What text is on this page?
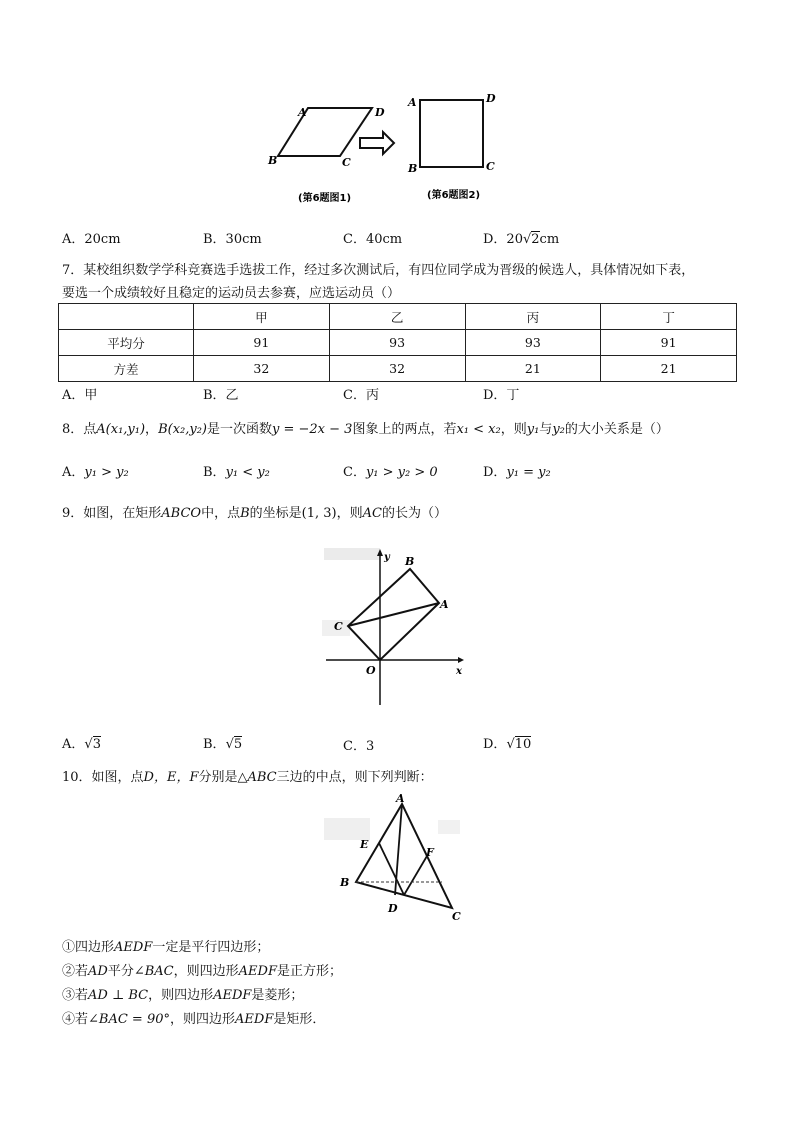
A	D
B	C
A	D
B	C
(第6题图1)	(第6题图2)
A．20cm	B．30cm	C．40cm	D．20√2cm
7．某校组织数学学科竞赛选手选拔工作，经过多次测试后，有四位同学成为晋级的候选人，具体情况如下表，
要选一个成绩较好且稳定的运动员去参赛，应选运动员（）
	甲	乙	丙	丁
平均分	91	93	93	91
方差	32	32	21	21
A．甲	B．乙	C．丙	D．丁
8．点A(x₁,y₁)，B(x₂,y₂)是一次函数y = −2x − 3图象上的两点，若x₁ < x₂，则y₁与y₂的大小关系是（）
A．y₁ > y₂	B．y₁ < y₂	C．y₁ > y₂ > 0	D．y₁ = y₂
9．如图，在矩形ABCO中，点B的坐标是(1, 3)，则AC的长为（）
y B
A
C
O	x
A．√3	B．√5	C．3	D．√10
10．如图，点D，E，F分别是△ABC三边的中点，则下列判断：
A
E
F
B
D
C
①四边形AEDF一定是平行四边形；
②若AD平分∠BAC，则四边形AEDF是正方形；
③若AD ⊥ BC，则四边形AEDF是菱形；
④若∠BAC = 90°，则四边形AEDF是矩形．
